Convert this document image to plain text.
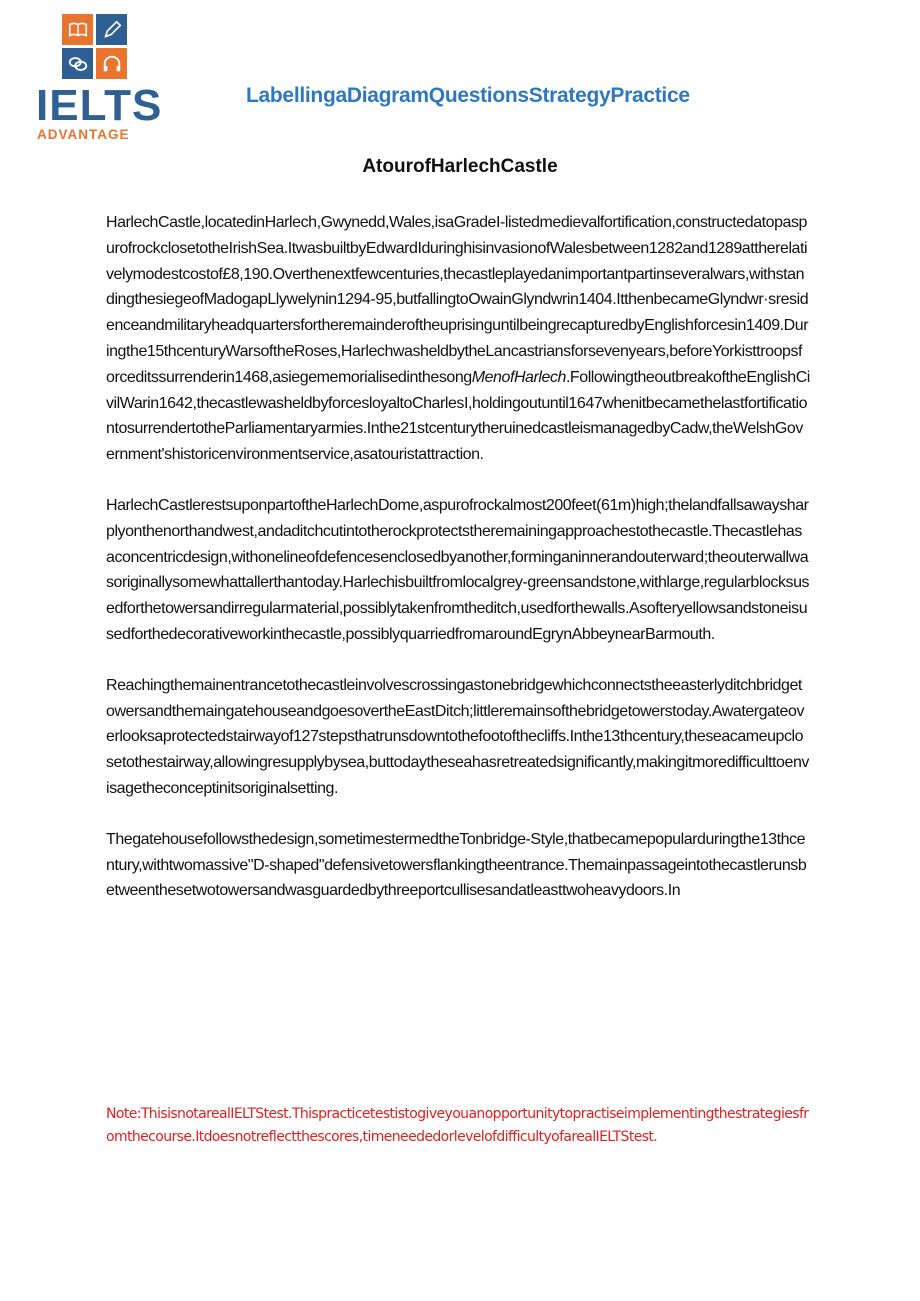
IELTS
ADVANTAGE
LabellingaDiagramQuestionsStrategyPractice
AtourofHarlechCastle

HarlechCastle,locatedinHarlech,Gwynedd,Wales,isaGradeI-listedmedievalfortification,constructedatopaspurofrockclosetotheIrishSea.ItwasbuiltbyEdwardIduringhisinvasionofWalesbetween1282and1289attherelativelymodestcostof£8,190.Overthenextfewcenturies,thecastleplayedanimportantpartinseveralwars,withstandingthesiegeofMadogapLlywelynin1294-95,butfallingtoOwainGlyndwrin1404.ItthenbecameGlyndwr·sresidenceandmilitaryheadquartersfortheremainderoftheuprisinguntilbeingrecapturedbyEnglishforcesin1409.Duringthe15thcenturyWarsoftheRoses,HarlechwasheldbytheLancastriansforsevenyears,beforeYorkisttroopsforceditssurrenderin1468,asiegememorialisedinthesongMenofHarlech.FollowingtheoutbreakoftheEnglishCivilWarin1642,thecastlewasheldbyforcesloyaltoCharlesI,holdingoutuntil1647whenitbecamethelastfortificationtosurrendertotheParliamentaryarmies.Inthe21stcenturytheruinedcastleismanagedbyCadw,theWelshGovernment'shistoricenvironmentservice,asatouristattraction.

HarlechCastlerestsuponpartoftheHarlechDome,aspurofrockalmost200feet(61m)high;thelandfallsawaysharplyonthenorthandwest,andaditchcutintotherockprotectstheremainingapproachestothecastle.Thecastlehasaconcentricdesign,withonelineofdefencesenclosedbyanother,forminganinnerandouterward;theouterwallwasoriginallysomewhattallerthantoday.Harlechisbuiltfromlocalgrey-greensandstone,withlarge,regularblocksusedforthetowersandirregularmaterial,possiblytakenfromtheditch,usedforthewalls.Asofteryellowsandstoneisusedforthedecorativeworkinthecastle,possiblyquarriedfromaroundEgrynAbbeynearBarmouth.

ReachingthemainentrancetothecastleinvolvescrossingastonebridgewhichconnectstheeasterlyditchbridgetowersandthemaingatehouseandgoesovertheEastDitch;littleremainsofthebridgetowerstoday.Awatergateoverlooksaprotectedstairwayof127stepsthatrunsdowntothefootofthecliffs.Inthe13thcentury,theseacameupclosetothestairway,allowingresupplybysea,buttodaytheseahasretreatedsignificantly,makingitmoredifficulttoenvisagetheconceptinitsoriginalsetting.

Thegatehousefollowsthedesign,sometimestermedtheTonbridge-Style,thatbecamepopularduringthe13thcentury,withtwomassive"D-shaped"defensivetowersflankingtheentrance.Themainpassageintothecastlerunsbetweenthesetwotowersandwasguardedbythreeportcullisesandatleasttwoheavydoors.In

Note:ThisisnotarealIELTStest.Thispracticetestistogiveyouanopportunitytopractiseimplementingthestrategiesfromthecourse.Itdoesnotreflectthescores,timeneededorlevelofdifficultyofarealIELTStest.
